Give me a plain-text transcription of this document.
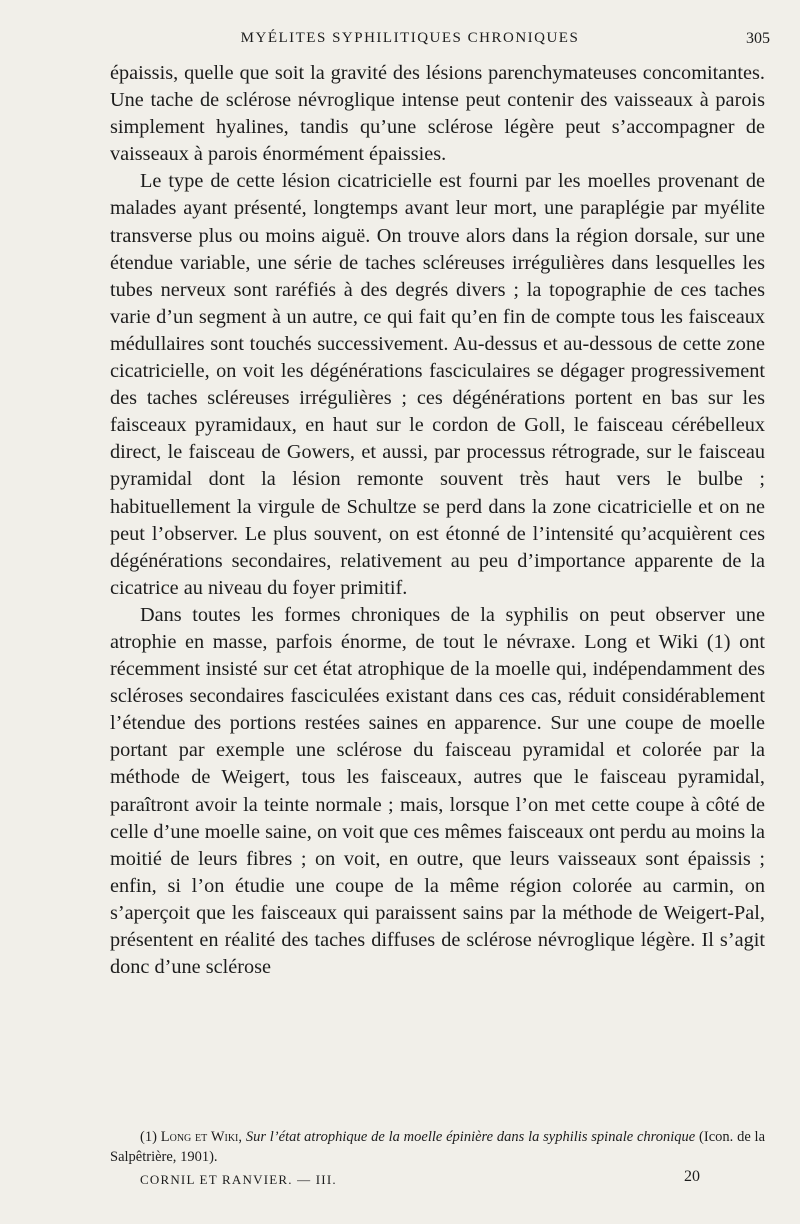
MYÉLITES SYPHILITIQUES CHRONIQUES	305

épaissis, quelle que soit la gravité des lésions parenchymateuses concomitantes. Une tache de sclérose névroglique intense peut contenir des vaisseaux à parois simplement hyalines, tandis qu’une sclérose légère peut s’accompagner de vaisseaux à parois énormément épaissies.

Le type de cette lésion cicatricielle est fourni par les moelles provenant de malades ayant présenté, longtemps avant leur mort, une paraplégie par myélite transverse plus ou moins aiguë. On trouve alors dans la région dorsale, sur une étendue variable, une série de taches scléreuses irrégulières dans lesquelles les tubes nerveux sont raréfiés à des degrés divers ; la topographie de ces taches varie d’un segment à un autre, ce qui fait qu’en fin de compte tous les faisceaux médullaires sont touchés successivement. Au-dessus et au-dessous de cette zone cicatricielle, on voit les dégénérations fasciculaires se dégager progressivement des taches scléreuses irrégulières ; ces dégénérations portent en bas sur les faisceaux pyramidaux, en haut sur le cordon de Goll, le faisceau cérébelleux direct, le faisceau de Gowers, et aussi, par processus rétrograde, sur le faisceau pyramidal dont la lésion remonte souvent très haut vers le bulbe ; habituellement la virgule de Schultze se perd dans la zone cicatricielle et on ne peut l’observer. Le plus souvent, on est étonné de l’intensité qu’acquièrent ces dégénérations secondaires, relativement au peu d’importance apparente de la cicatrice au niveau du foyer primitif.

Dans toutes les formes chroniques de la syphilis on peut observer une atrophie en masse, parfois énorme, de tout le névraxe. Long et Wiki (1) ont récemment insisté sur cet état atrophique de la moelle qui, indépendamment des scléroses secondaires fasciculées existant dans ces cas, réduit considérablement l’étendue des portions restées saines en apparence. Sur une coupe de moelle portant par exemple une sclérose du faisceau pyramidal et colorée par la méthode de Weigert, tous les faisceaux, autres que le faisceau pyramidal, paraîtront avoir la teinte normale ; mais, lorsque l’on met cette coupe à côté de celle d’une moelle saine, on voit que ces mêmes faisceaux ont perdu au moins la moitié de leurs fibres ; on voit, en outre, que leurs vaisseaux sont épaissis ; enfin, si l’on étudie une coupe de la même région colorée au carmin, on s’aperçoit que les faisceaux qui paraissent sains par la méthode de Weigert-Pal, présentent en réalité des taches diffuses de sclérose névroglique légère. Il s’agit donc d’une sclérose

(1) Long et Wiki, Sur l’état atrophique de la moelle épinière dans la syphilis spinale chronique (Icon. de la Salpêtrière, 1901).

CORNIL ET RANVIER. — III.	20
